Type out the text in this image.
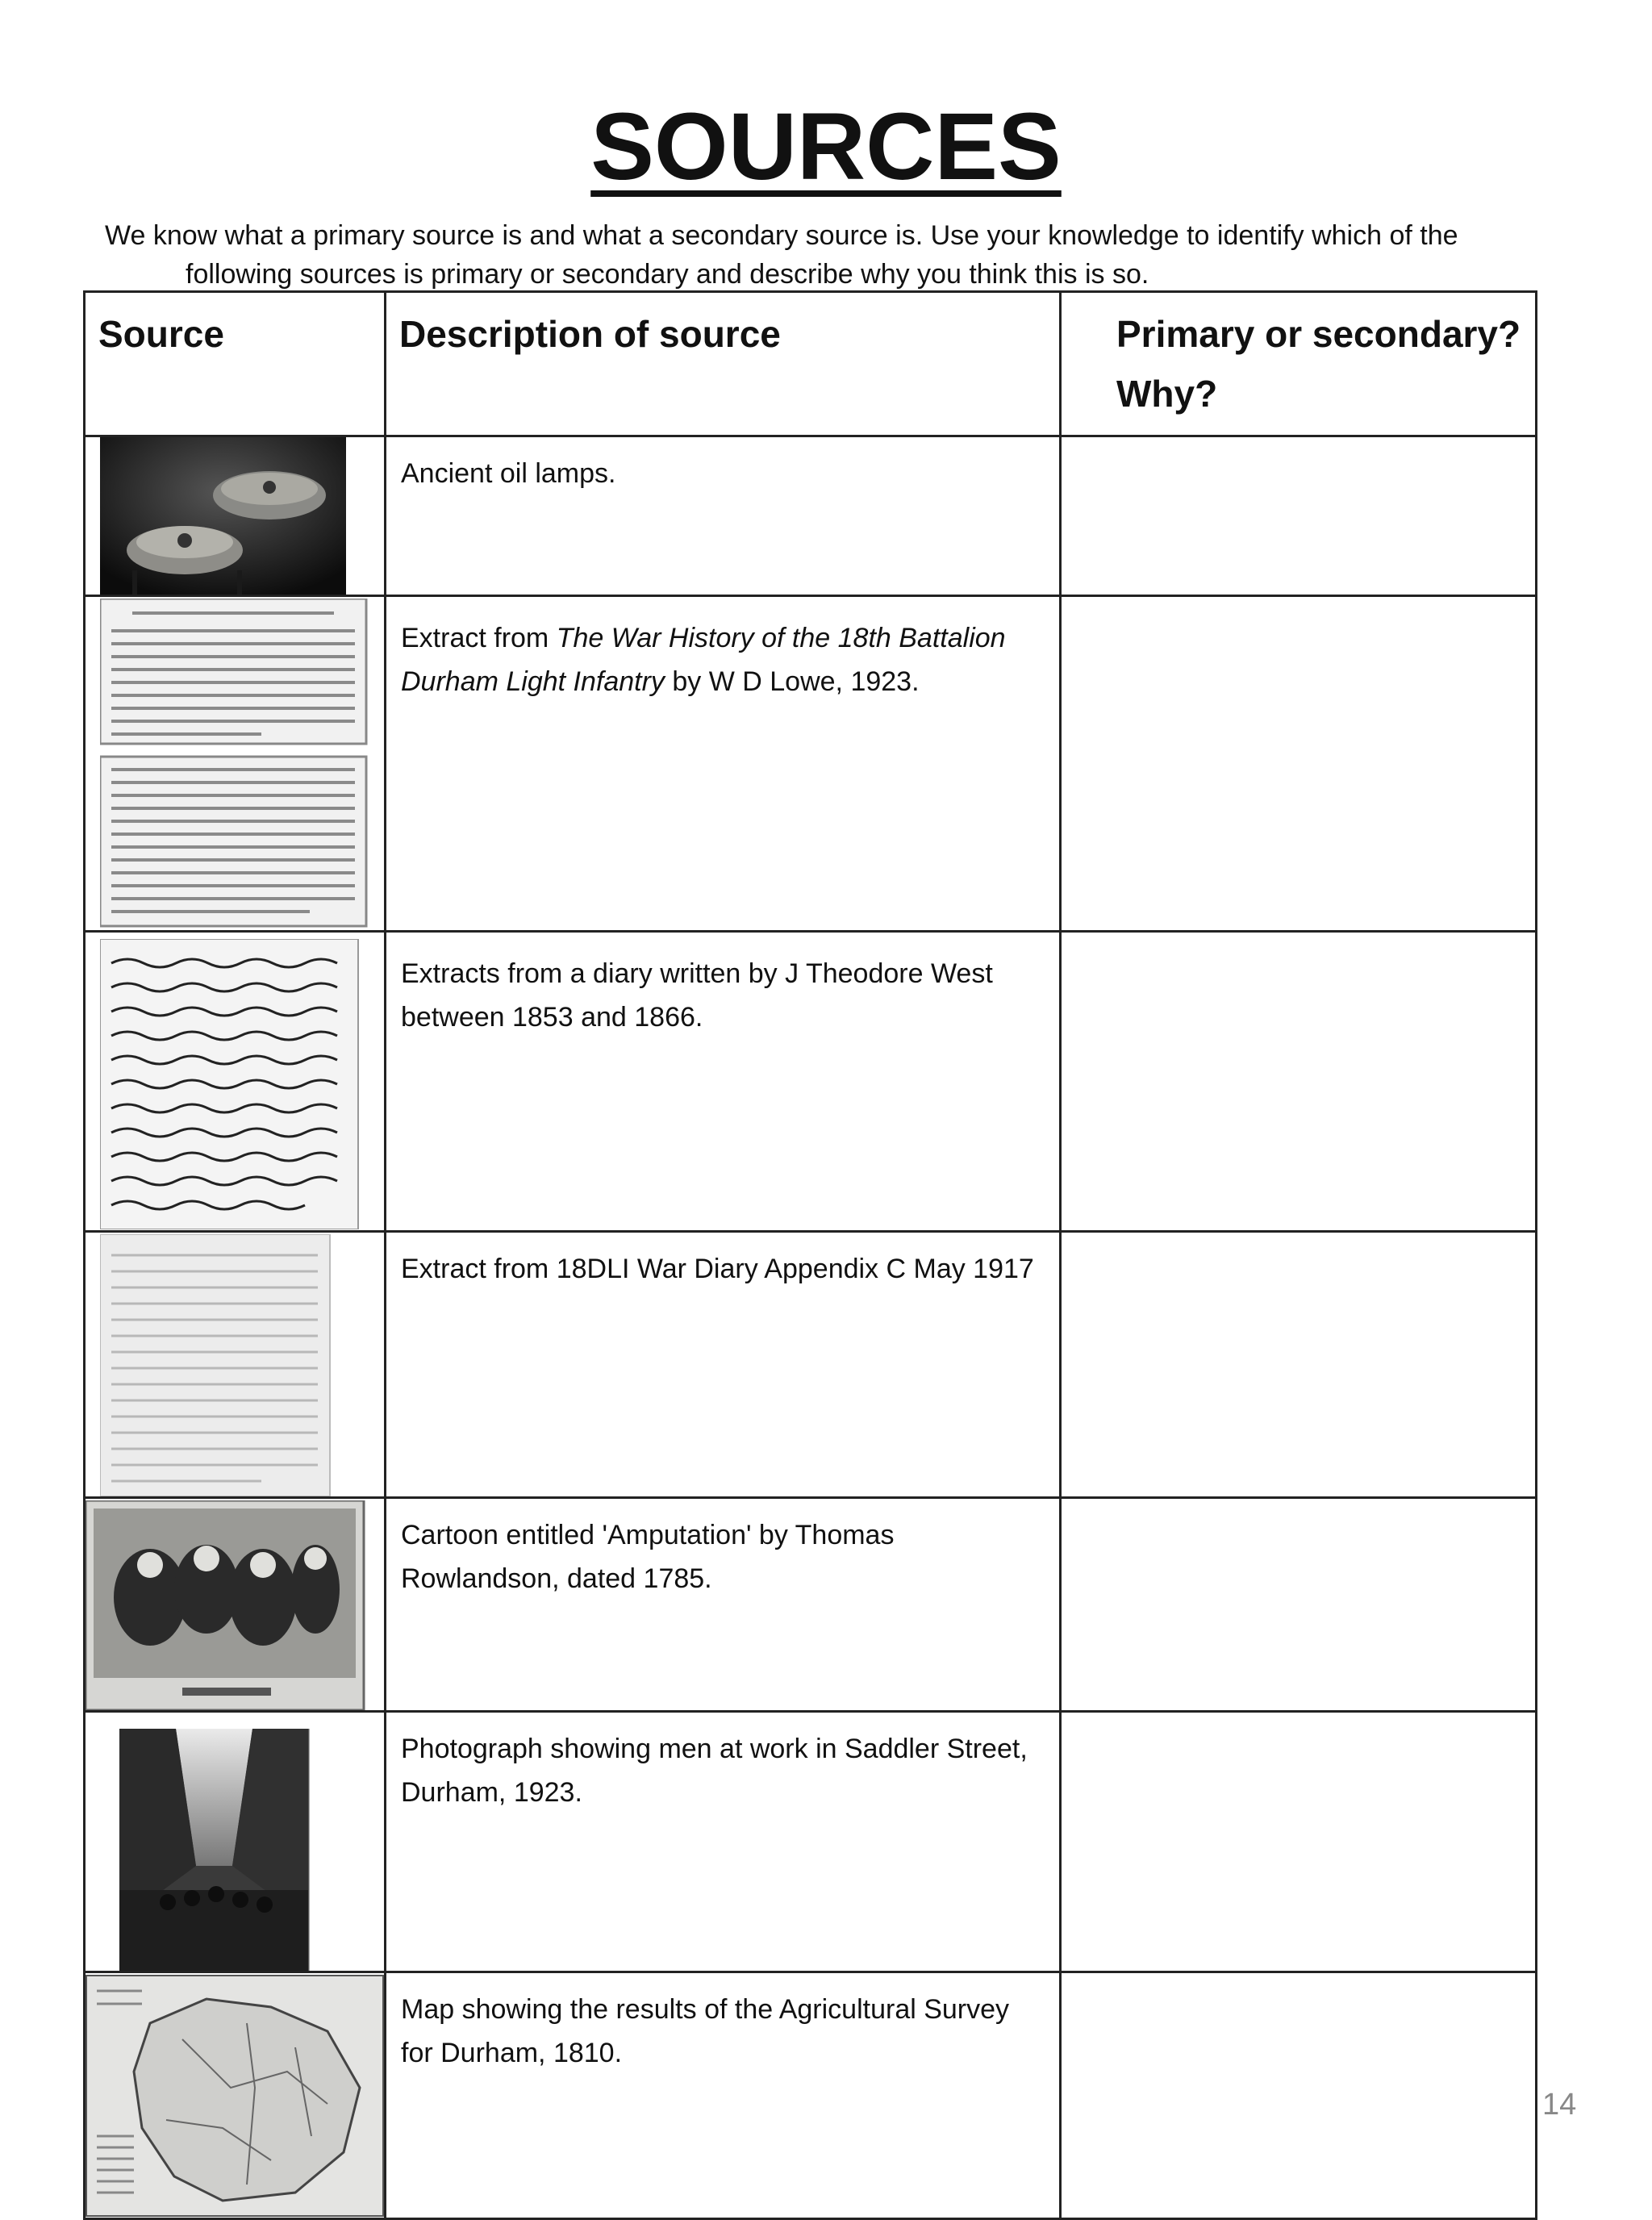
SOURCES

We know what a primary source is and what a secondary source is. Use your knowledge to identify which of the
following sources is primary or secondary and describe why you think this is so.

Source	Description of source	Primary or secondary?
Why?

	Ancient oil lamps.	

	Extract from The War History of the 18th Battalion Durham Light Infantry by W D Lowe, 1923.	

	Extracts from a diary written by J Theodore West between 1853 and 1866.	

	Extract from 18DLI War Diary Appendix C May 1917	

	Cartoon entitled 'Amputation' by Thomas Rowlandson, dated 1785.	

	Photograph showing men at work in Saddler Street, Durham, 1923.	

	Map showing the results of the Agricultural Survey for Durham, 1810.	
14
